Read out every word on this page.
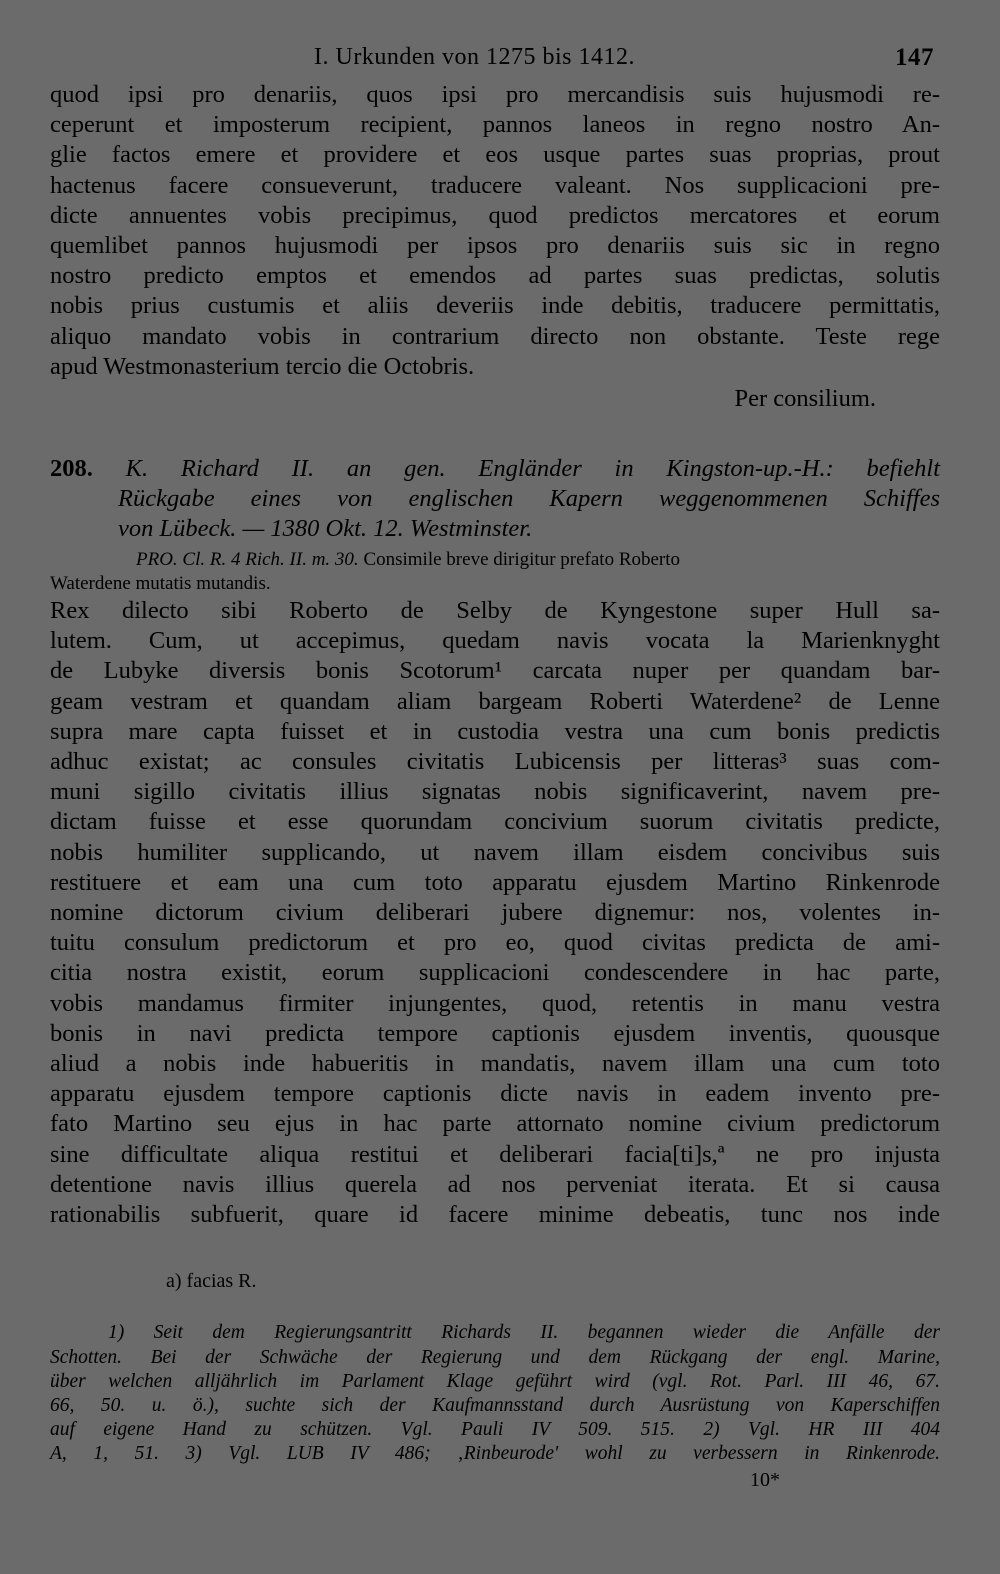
I. Urkunden von 1275 bis 1412.	147

quod ipsi pro denariis, quos ipsi pro mercandisis suis hujusmodi re-
ceperunt et imposterum recipient, pannos laneos in regno nostro An-
glie factos emere et providere et eos usque partes suas proprias, prout
hactenus facere consueverunt, traducere valeant. Nos supplicacioni pre-
dicte annuentes vobis precipimus, quod predictos mercatores et eorum
quemlibet pannos hujusmodi per ipsos pro denariis suis sic in regno
nostro predicto emptos et emendos ad partes suas predictas, solutis
nobis prius custumis et aliis deveriis inde debitis, traducere permittatis,
aliquo mandato vobis in contrarium directo non obstante. Teste rege
apud Westmonasterium tercio die Octobris.

Per consilium.
208. K. Richard II. an gen. Engländer in Kingston-up.-H.: befiehlt
Rückgabe eines von englischen Kapern weggenommenen Schiffes
von Lübeck. — 1380 Okt. 12. Westminster.
PRO. Cl. R. 4 Rich. II. m. 30. Consimile breve dirigitur prefato Roberto
Waterdene mutatis mutandis.

Rex dilecto sibi Roberto de Selby de Kyngestone super Hull sa-
lutem. Cum, ut accepimus, quedam navis vocata la Marienknyght
de Lubyke diversis bonis Scotorum¹ carcata nuper per quandam bar-
geam vestram et quandam aliam bargeam Roberti Waterdene² de Lenne
supra mare capta fuisset et in custodia vestra una cum bonis predictis
adhuc existat; ac consules civitatis Lubicensis per litteras³ suas com-
muni sigillo civitatis illius signatas nobis significaverint, navem pre-
dictam fuisse et esse quorundam concivium suorum civitatis predicte,
nobis humiliter supplicando, ut navem illam eisdem concivibus suis
restituere et eam una cum toto apparatu ejusdem Martino Rinkenrode
nomine dictorum civium deliberari jubere dignemur: nos, volentes in-
tuitu consulum predictorum et pro eo, quod civitas predicta de ami-
citia nostra existit, eorum supplicacioni condescendere in hac parte,
vobis mandamus firmiter injungentes, quod, retentis in manu vestra
bonis in navi predicta tempore captionis ejusdem inventis, quousque
aliud a nobis inde habueritis in mandatis, navem illam una cum toto
apparatu ejusdem tempore captionis dicte navis in eadem invento pre-
fato Martino seu ejus in hac parte attornato nomine civium predictorum
sine difficultate aliqua restitui et deliberari facia[ti]s,ª ne pro injusta
detentione navis illius querela ad nos perveniat iterata. Et si causa
rationabilis subfuerit, quare id facere minime debeatis, tunc nos inde

a) facias R.
1) Seit dem Regierungsantritt Richards II. begannen wieder die Anfälle der
Schotten. Bei der Schwäche der Regierung und dem Rückgang der engl. Marine,
über welchen alljährlich im Parlament Klage geführt wird (vgl. Rot. Parl. III 46, 67.
66, 50. u. ö.), suchte sich der Kaufmannsstand durch Ausrüstung von Kaperschiffen
auf eigene Hand zu schützen. Vgl. Pauli IV 509. 515. 2) Vgl. HR III 404
A, 1, 51. 3) Vgl. LUB IV 486; ‚Rinbeurode' wohl zu verbessern in Rinkenrode.
10*
